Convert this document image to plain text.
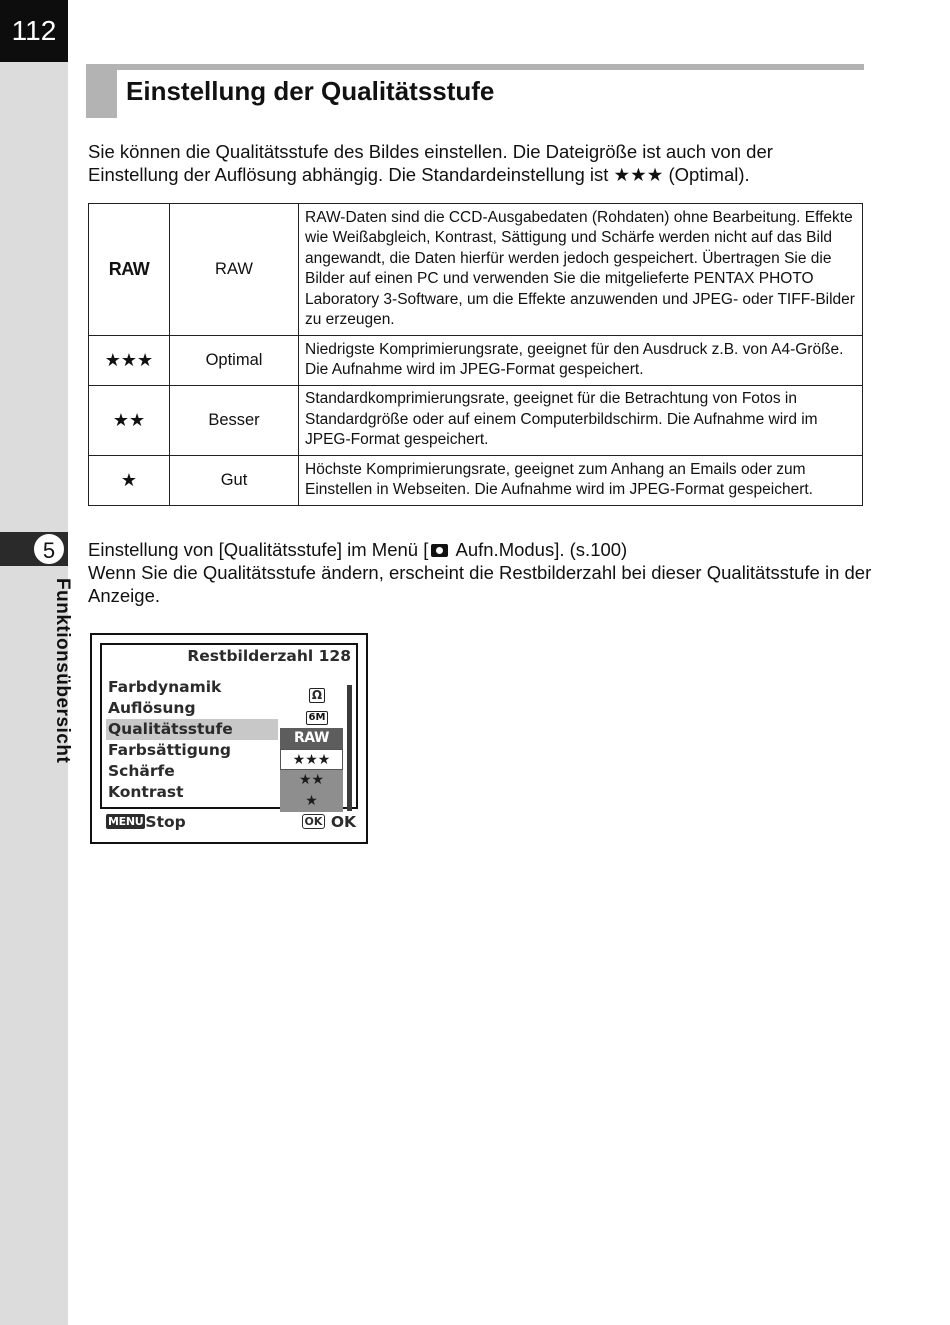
112
5
Funktionsübersicht
Einstellung der Qualitätsstufe

Sie können die Qualitätsstufe des Bildes einstellen. Die Dateigröße ist auch von der Einstellung der Auflösung abhängig. Die Standardeinstellung ist ★★★ (Optimal).

RAW	RAW	RAW-Daten sind die CCD-Ausgabedaten (Rohdaten) ohne Bearbeitung. Effekte wie Weißabgleich, Kontrast, Sättigung und Schärfe werden nicht auf das Bild angewandt, die Daten hierfür werden jedoch gespeichert. Übertragen Sie die Bilder auf einen PC und verwenden Sie die mitgelieferte PENTAX PHOTO Laboratory 3-Software, um die Effekte anzuwenden und JPEG- oder TIFF-Bilder zu erzeugen.
★★★	Optimal	Niedrigste Komprimierungsrate, geeignet für den Ausdruck z.B. von A4-Größe. Die Aufnahme wird im JPEG-Format gespeichert.
★★	Besser	Standardkomprimierungsrate, geeignet für die Betrachtung von Fotos in Standardgröße oder auf einem Computerbildschirm. Die Aufnahme wird im JPEG-Format gespeichert.
★	Gut	Höchste Komprimierungsrate, geeignet zum Anhang an Emails oder zum Einstellen in Webseiten. Die Aufnahme wird im JPEG-Format gespeichert.

Einstellung von [Qualitätsstufe] im Menü [ Aufn.Modus]. (s.100)

Wenn Sie die Qualitätsstufe ändern, erscheint die Restbilderzahl bei dieser Qualitätsstufe in der Anzeige.

Restbilderzahl 128
Farbdynamik
Auflösung
Qualitätsstufe
Farbsättigung
Schärfe
Kontrast
Ω
6M
RAW
★★★
★★
★
MENU Stop	OK OK
